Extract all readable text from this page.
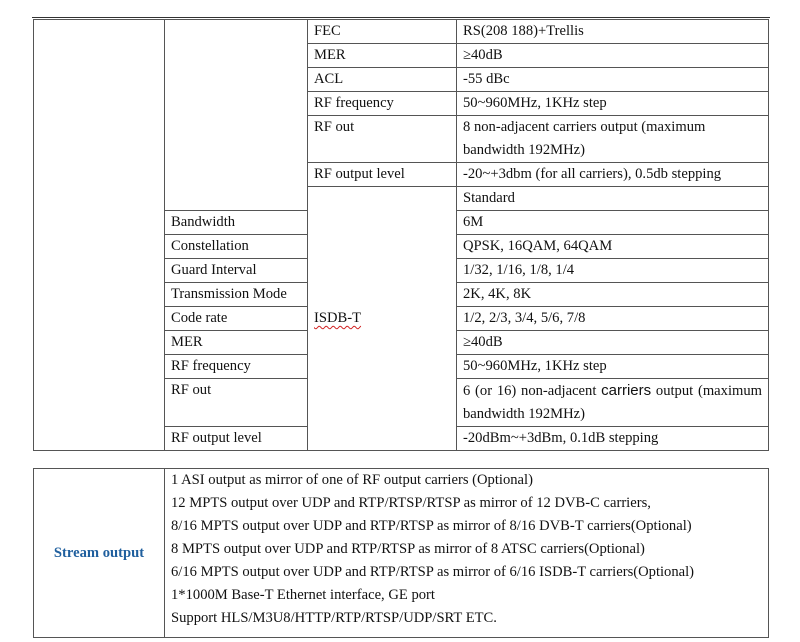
		FEC	RS(208 188)+Trellis	
		MER	≥40dB	
		ACL	-55 dBc	
		RF frequency	50~960MHz, 1KHz step	
		RF out	8 non-adjacent carriers output (maximum bandwidth 192MHz)	
		RF output level	-20~+3dbm (for all carriers), 0.5db stepping	
		ISDB-T	Standard	
	Bandwidth		6M	
	Constellation		QPSK, 16QAM, 64QAM	
	Guard Interval		1/32, 1/16, 1/8, 1/4	
	Transmission Mode		2K, 4K, 8K	
	Code rate		1/2, 2/3, 3/4, 5/6, 7/8	
	MER		≥40dB	
	RF frequency		50~960MHz, 1KHz step	
	RF out		6 (or 16) non-adjacent carriers output (maximum bandwidth 192MHz)	
	RF output level		-20dBm~+3dBm, 0.1dB stepping	
Stream output	
1 ASI output as mirror of one of RF output carriers (Optional)
12 MPTS output over UDP and RTP/RTSP/RTSP as mirror of 12 DVB-C carriers,
8/16 MPTS output over UDP and RTP/RTSP as mirror of 8/16 DVB-T carriers(Optional)
8 MPTS output over UDP and RTP/RTSP as mirror of 8 ATSC carriers(Optional)
6/16 MPTS output over UDP and RTP/RTSP as mirror of 6/16 ISDB-T carriers(Optional)
1*1000M Base-T Ethernet interface, GE port
Support HLS/M3U8/HTTP/RTP/RTSP/UDP/SRT ETC.
